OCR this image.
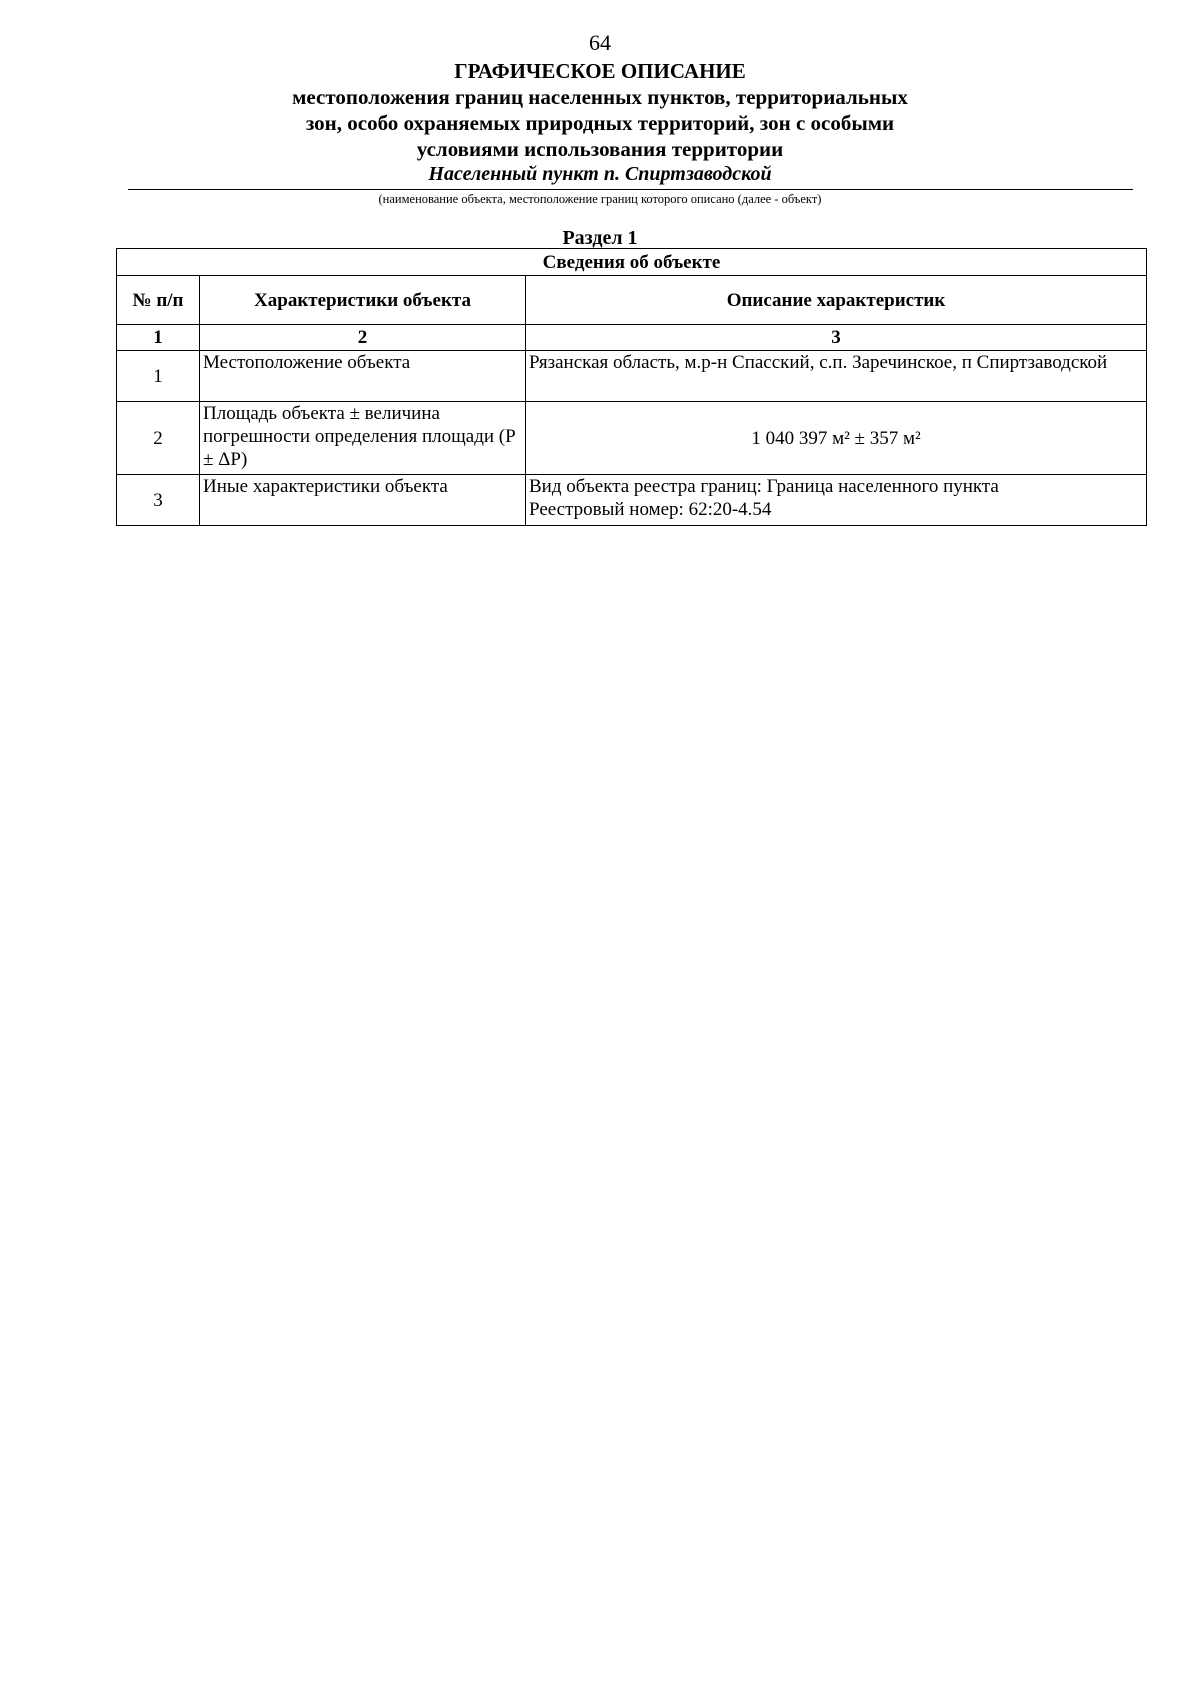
64
ГРАФИЧЕСКОЕ ОПИСАНИЕ
местоположения границ населенных пунктов, территориальных
зон, особо охраняемых природных территорий, зон с особыми
условиями использования территории
Населенный пункт п. Спиртзаводской
(наименование объекта, местоположение границ которого описано (далее - объект)
Раздел 1
Сведения об объекте		
№ п/п	Характеристики объекта	Описание характеристик
1	2	3
1	Местоположение объекта	Рязанская область, м.р-н Спасский, с.п. Заречинское, п Спиртзаводской

2	Площадь объекта ± величина погрешности определения площади (P ± ΔP)	1 040 397 м² ± 357 м²

3	Иные характеристики объекта	Вид объекта реестра границ: Граница населенного пункта
Реестровый номер: 62:20-4.54
